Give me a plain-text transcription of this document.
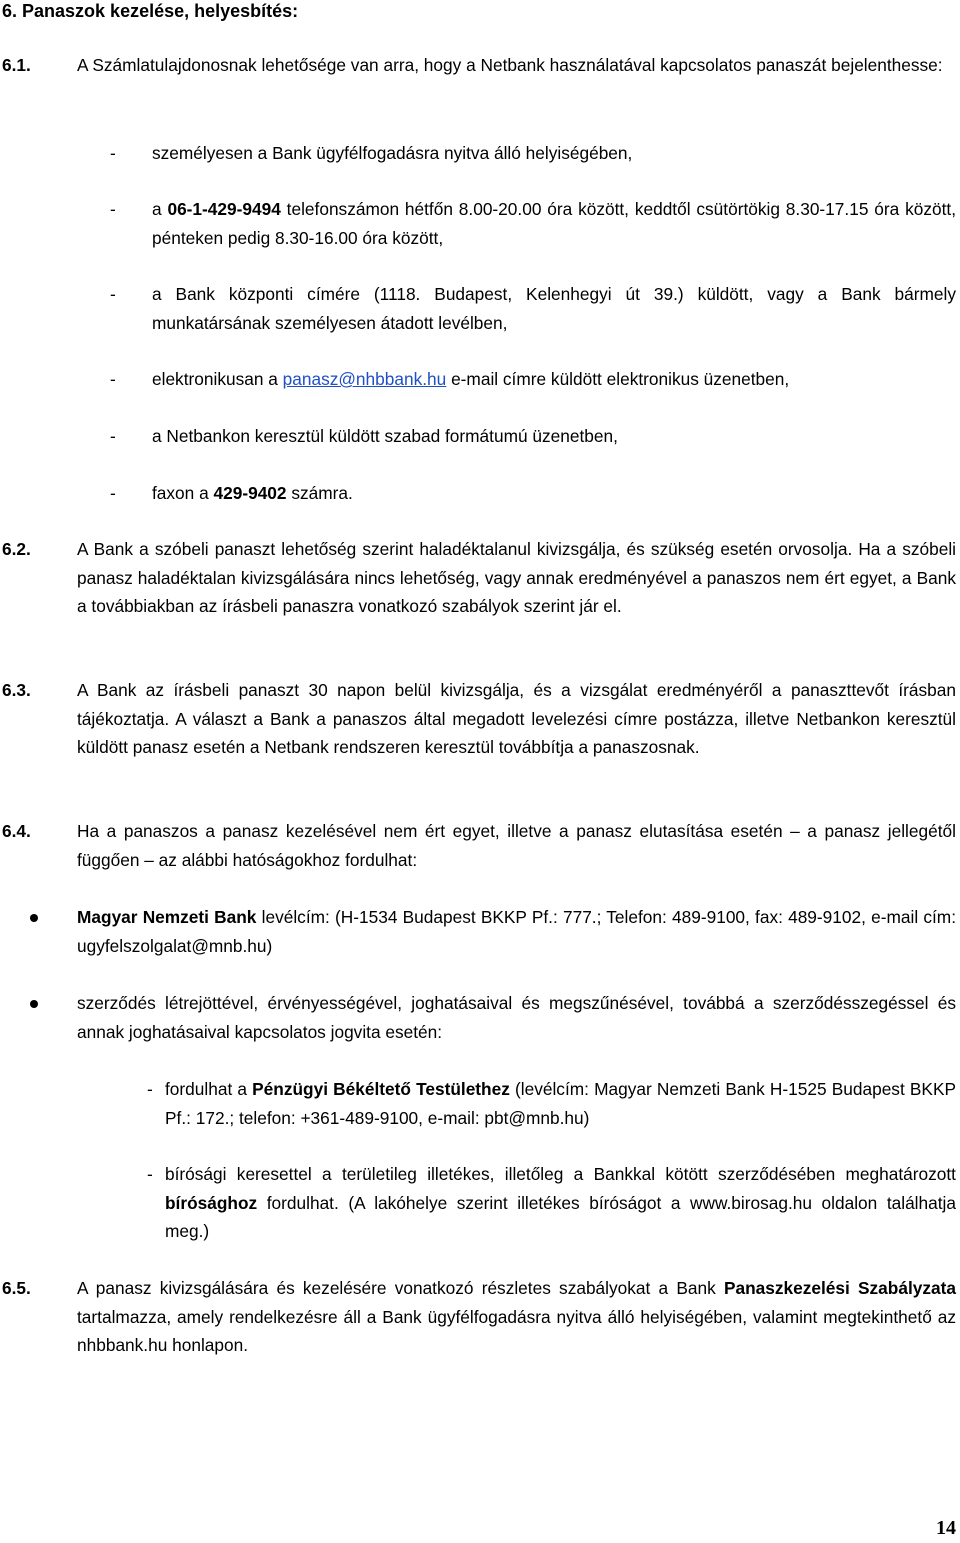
6. Panaszok kezelése, helyesbítés:
6.1.	A Számlatulajdonosnak lehetősége van arra, hogy a Netbank használatával kapcsolatos panaszát bejelenthesse:
- személyesen a Bank ügyfélfogadásra nyitva álló helyiségében,
- a 06-1-429-9494 telefonszámon hétfőn 8.00-20.00 óra között, keddtől csütörtökig 8.30-17.15 óra között, pénteken pedig 8.30-16.00 óra között,
- a Bank központi címére (1118. Budapest, Kelenhegyi út 39.) küldött, vagy a Bank bármely munkatársának személyesen átadott levélben,
- elektronikusan a panasz@nhbbank.hu e-mail címre küldött elektronikus üzenetben,
- a Netbankon keresztül küldött szabad formátumú üzenetben,
- faxon a 429-9402 számra.
6.2.	A Bank a szóbeli panaszt lehetőség szerint haladéktalanul kivizsgálja, és szükség esetén orvosolja. Ha a szóbeli panasz haladéktalan kivizsgálására nincs lehetőség, vagy annak eredményével a panaszos nem ért egyet, a Bank a továbbiakban az írásbeli panaszra vonatkozó szabályok szerint jár el.
6.3.	A Bank az írásbeli panaszt 30 napon belül kivizsgálja, és a vizsgálat eredményéről a panaszttevőt írásban tájékoztatja. A választ a Bank a panaszos által megadott levelezési címre postázza, illetve Netbankon keresztül küldött panasz esetén a Netbank rendszeren keresztül továbbítja a panaszosnak.
6.4.	Ha a panaszos a panasz kezelésével nem ért egyet, illetve a panasz elutasítása esetén – a panasz jellegétől függően – az alábbi hatóságokhoz fordulhat:
Magyar Nemzeti Bank levélcím: (H-1534 Budapest BKKP Pf.: 777.; Telefon: 489-9100, fax: 489-9102, e-mail cím: ugyfelszolgalat@mnb.hu)
szerződés létrejöttével, érvényességével, joghatásaival és megszűnésével, továbbá a szerződésszegéssel és annak joghatásaival kapcsolatos jogvita esetén:
- fordulhat a Pénzügyi Békéltető Testülethez (levélcím: Magyar Nemzeti Bank H-1525 Budapest BKKP Pf.: 172.; telefon: +361-489-9100, e-mail: pbt@mnb.hu)
- bírósági keresettel a területileg illetékes, illetőleg a Bankkal kötött szerződésében meghatározott bírósághoz fordulhat. (A lakóhelye szerint illetékes bíróságot a www.birosag.hu oldalon találhatja meg.)
6.5.	A panasz kivizsgálására és kezelésére vonatkozó részletes szabályokat a Bank Panaszkezelési Szabályzata tartalmazza, amely rendelkezésre áll a Bank ügyfélfogadásra nyitva álló helyiségében, valamint megtekinthető az nhbbank.hu honlapon.
14
